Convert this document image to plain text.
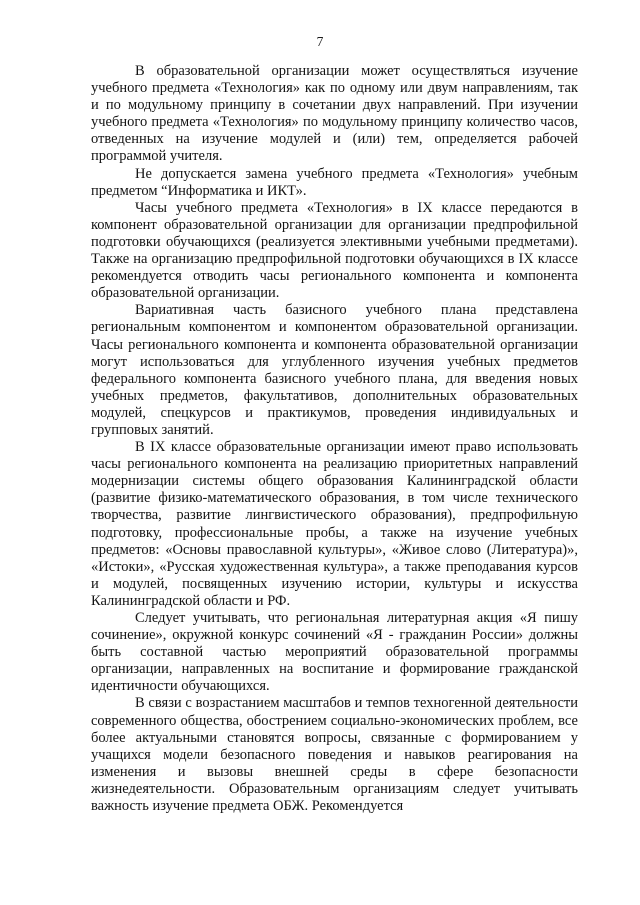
7

В образовательной организации может осуществляться изучение учебного предмета «Технология» как по одному или двум направлениям, так и по модульному принципу в сочетании двух направлений. При изучении учебного предмета «Технология» по модульному принципу количество часов, отведенных на изучение модулей и (или) тем, определяется рабочей программой учителя.

Не допускается замена учебного предмета «Технология» учебным предметом “Информатика и ИКТ».

Часы учебного предмета «Технология» в IX классе передаются в компонент образовательной организации для организации предпрофильной подготовки обучающихся (реализуется элективными учебными предметами). Также на организацию предпрофильной подготовки обучающихся в IX классе рекомендуется отводить часы регионального компонента и компонента образовательной организации.

Вариативная часть базисного учебного плана представлена региональным компонентом и компонентом образовательной организации. Часы регионального компонента и компонента образовательной организации могут использоваться для углубленного изучения учебных предметов федерального компонента базисного учебного плана, для введения новых учебных предметов, факультативов, дополнительных образовательных модулей, спецкурсов и практикумов, проведения индивидуальных и групповых занятий.

В IX классе образовательные организации имеют право использовать часы регионального компонента на реализацию приоритетных направлений модернизации системы общего образования Калининградской области (развитие физико-математического образования, в том числе технического творчества, развитие лингвистического образования), предпрофильную подготовку, профессиональные пробы, а также на изучение учебных предметов: «Основы православной культуры», «Живое слово (Литература)», «Истоки», «Русская художественная культура», а также преподавания курсов и модулей, посвященных изучению истории, культуры и искусства Калининградской области и РФ.

Следует учитывать, что региональная литературная акция «Я пишу сочинение», окружной конкурс сочинений «Я - гражданин России» должны быть составной частью мероприятий образовательной программы организации, направленных на воспитание и формирование гражданской идентичности обучающихся.

В связи с возрастанием масштабов и темпов техногенной деятельности современного общества, обострением социально-экономических проблем, все более актуальными становятся вопросы, связанные с формированием у учащихся модели безопасного поведения и навыков реагирования на изменения и вызовы внешней среды в сфере безопасности жизнедеятельности. Образовательным организациям следует учитывать важность изучение предмета ОБЖ. Рекомендуется
